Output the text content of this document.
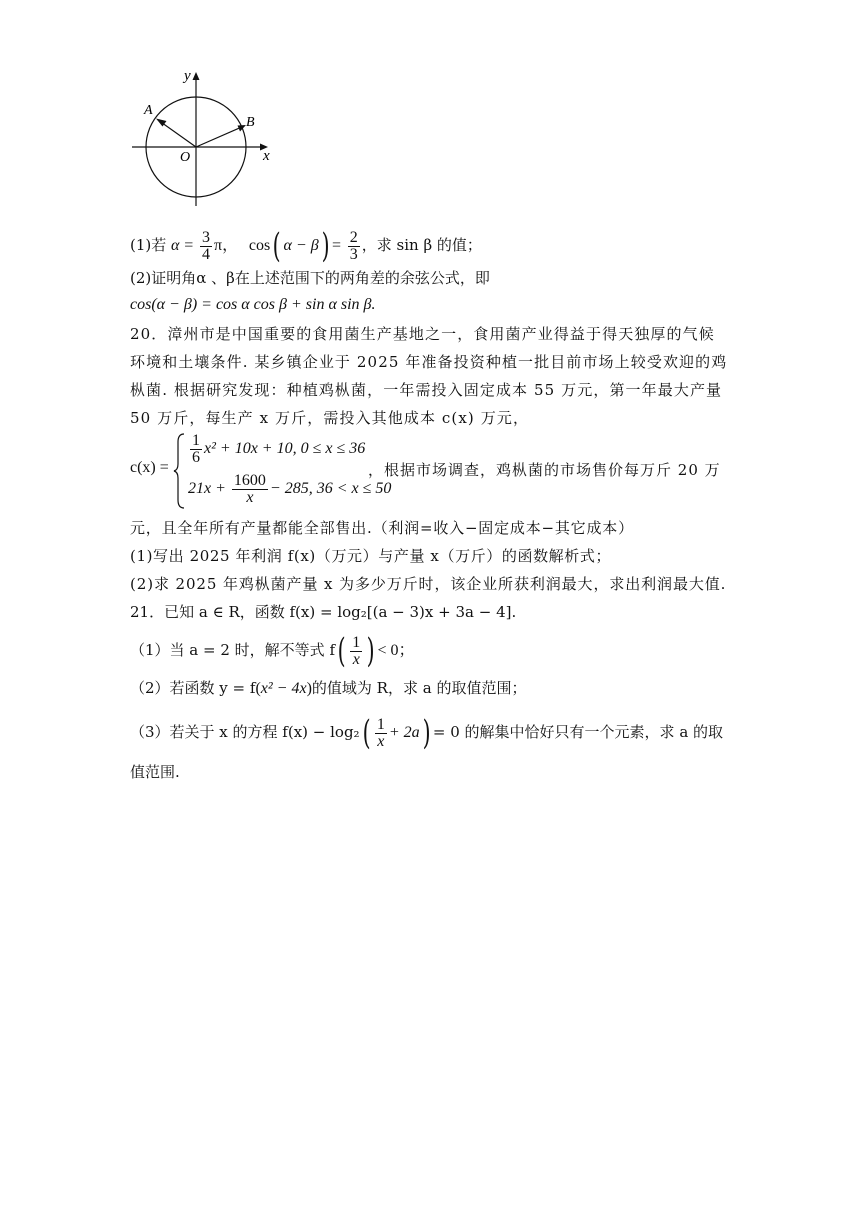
y
x
O
A
B
(1)若 $\alpha = \frac{3}{4}$ π， cos( $\alpha - \beta) = \frac{2}{3}$ ，求 sin β 的值；
(2)证明角α 、β在上述范围下的两角差的余弦公式，即
cos(α − β) = cos α cos β + sin α sin β.
20．漳州市是中国重要的食用菌生产基地之一，食用菌产业得益于得天独厚的气候
环境和土壤条件. 某乡镇企业于 2025 年准备投资种植一批目前市场上较受欢迎的鸡
枞菌. 根据研究发现：种植鸡枞菌，一年需投入固定成本 55 万元，第一年最大产量
50 万斤，每生产 x 万斤，需投入其他成本 c(x) 万元，
c(x) =
$\frac{1}{6} x^2 + 10x + 10$, 0 ≤ x ≤ 36
$21x + \frac{1600}{x} - 285$, 36 < x ≤ 50
，根据市场调查，鸡枞菌的市场售价每万斤 20 万
元，且全年所有产量都能全部售出.（利润=收入−固定成本−其它成本）
(1)写出 2025 年利润 f(x)（万元）与产量 x（万斤）的函数解析式；
(2)求 2025 年鸡枞菌产量 x 为多少万斤时，该企业所获利润最大，求出利润最大值.
21．已知 a ∈ R，函数 f(x) = log₂[(a − 3)x + 3a − 4].
（1）当 a = 2 时，解不等式 $f( \frac{1}{x}$ ) < 0；
（2）若函数 y = f(x² − 4x)的值域为 R，求 a 的取值范围；
（3）若关于 x 的方程 $f(x) - \log_2( \frac{1}{x} + 2a) = 0$ 的解集中恰好只有一个元素，求 a 的取
值范围.
